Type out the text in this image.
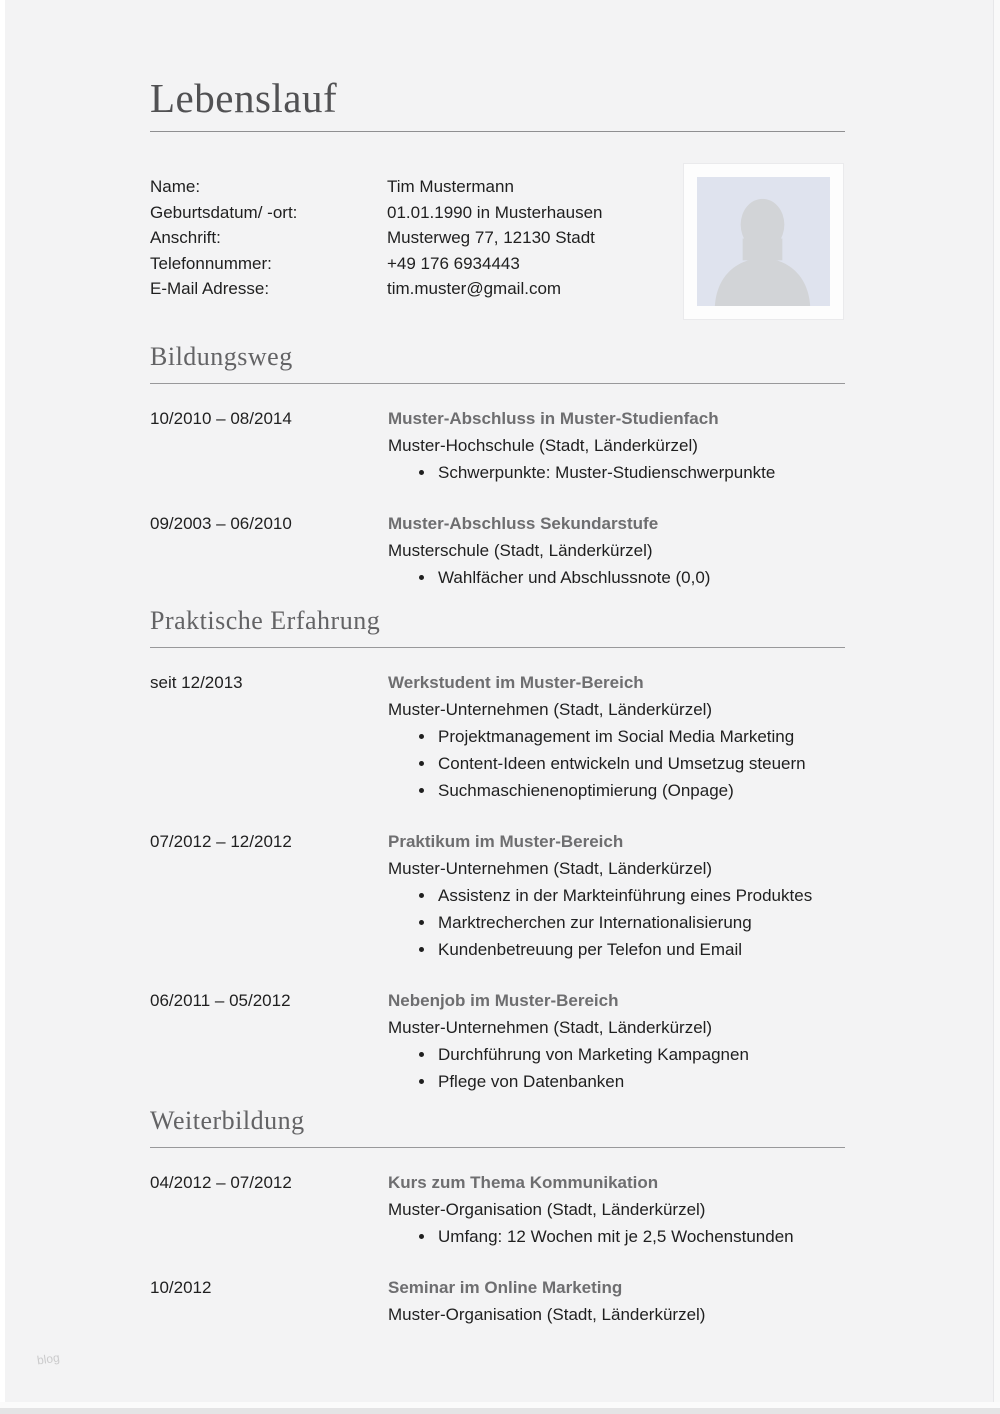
Lebenslauf
Name:	Tim Mustermann
Geburtsdatum/ -ort:	01.01.1990 in Musterhausen
Anschrift:	Musterweg 77, 12130 Stadt
Telefonnummer:	+49 176 6934443
E-Mail Adresse:	tim.muster@gmail.com
Bildungsweg
10/2010 – 08/2014	Muster-Abschluss in Muster-Studienfach
Muster-Hochschule (Stadt, Länderkürzel)
• Schwerpunkte: Muster-Studienschwerpunkte
09/2003 – 06/2010	Muster-Abschluss Sekundarstufe
Musterschule (Stadt, Länderkürzel)
• Wahlfächer und Abschlussnote (0,0)
Praktische Erfahrung
seit 12/2013	Werkstudent im Muster-Bereich
Muster-Unternehmen (Stadt, Länderkürzel)
• Projektmanagement im Social Media Marketing
• Content-Ideen entwickeln und Umsetzug steuern
• Suchmaschienenoptimierung (Onpage)
07/2012 – 12/2012	Praktikum im Muster-Bereich
Muster-Unternehmen (Stadt, Länderkürzel)
• Assistenz in der Markteinführung eines Produktes
• Marktrecherchen zur Internationalisierung
• Kundenbetreuung per Telefon und Email
06/2011 – 05/2012	Nebenjob im Muster-Bereich
Muster-Unternehmen (Stadt, Länderkürzel)
• Durchführung von Marketing Kampagnen
• Pflege von Datenbanken
Weiterbildung
04/2012 – 07/2012	Kurs zum Thema Kommunikation
Muster-Organisation (Stadt, Länderkürzel)
• Umfang: 12 Wochen mit je 2,5 Wochenstunden
10/2012	Seminar im Online Marketing
Muster-Organisation (Stadt, Länderkürzel)
blog
